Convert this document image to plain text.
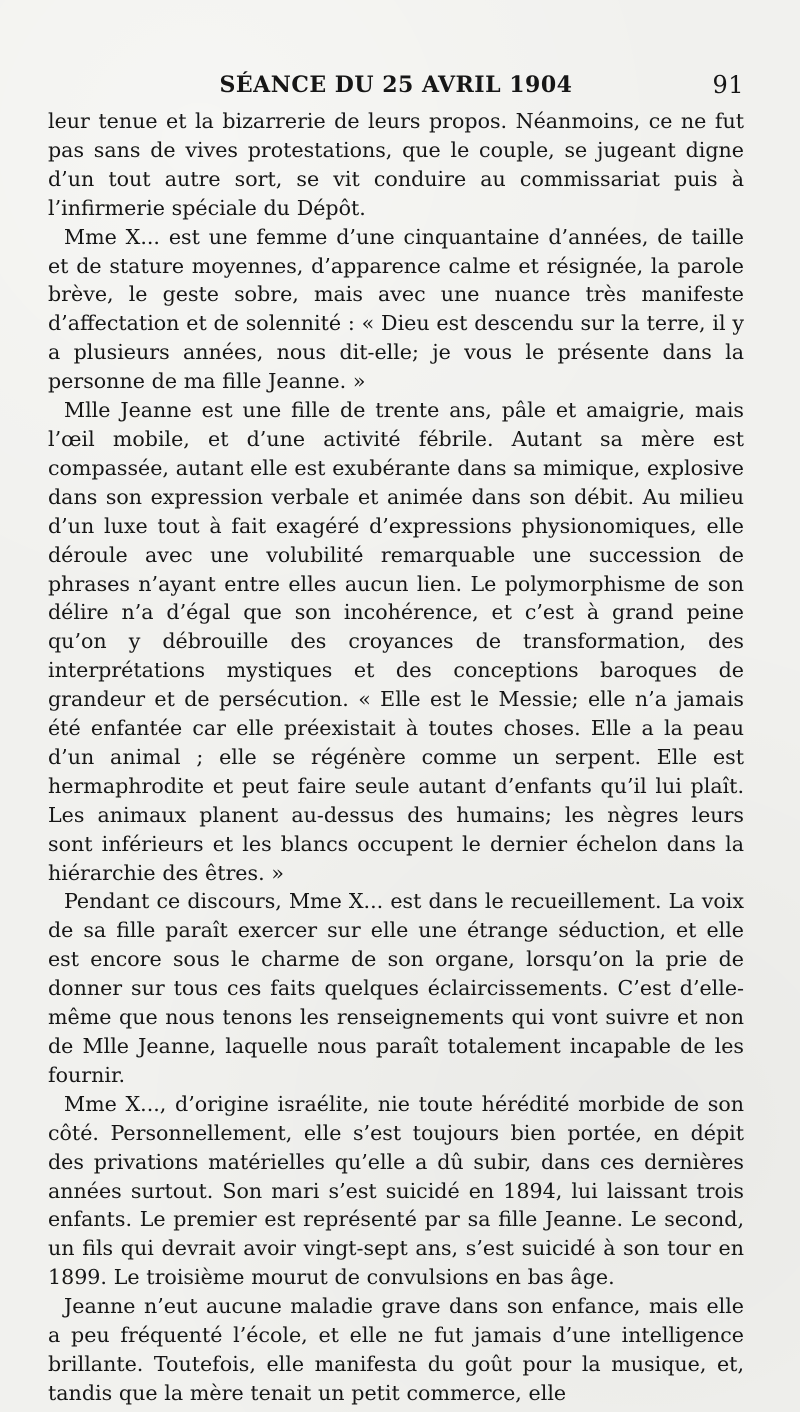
SÉANCE DU 25 AVRIL 1904	91

leur tenue et la bizarrerie de leurs propos. Néanmoins, ce ne fut pas sans de vives protestations, que le couple, se jugeant digne d’un tout autre sort, se vit conduire au commissariat puis à l’infirmerie spéciale du Dépôt.

Mme X... est une femme d’une cinquantaine d’années, de taille et de stature moyennes, d’apparence calme et résignée, la parole brève, le geste sobre, mais avec une nuance très manifeste d’affectation et de solennité : « Dieu est descendu sur la terre, il y a plusieurs années, nous dit-elle; je vous le présente dans la personne de ma fille Jeanne. »

Mlle Jeanne est une fille de trente ans, pâle et amaigrie, mais l’œil mobile, et d’une activité fébrile. Autant sa mère est compassée, autant elle est exubérante dans sa mimique, explosive dans son expression verbale et animée dans son débit. Au milieu d’un luxe tout à fait exagéré d’expressions physionomiques, elle déroule avec une volubilité remarquable une succession de phrases n’ayant entre elles aucun lien. Le polymorphisme de son délire n’a d’égal que son incohérence, et c’est à grand peine qu’on y débrouille des croyances de transformation, des interprétations mystiques et des conceptions baroques de grandeur et de persécution. « Elle est le Messie; elle n’a jamais été enfantée car elle préexistait à toutes choses. Elle a la peau d’un animal ; elle se régénère comme un serpent. Elle est hermaphrodite et peut faire seule autant d’enfants qu’il lui plaît. Les animaux planent au-dessus des humains; les nègres leurs sont inférieurs et les blancs occupent le dernier échelon dans la hiérarchie des êtres. »

Pendant ce discours, Mme X... est dans le recueillement. La voix de sa fille paraît exercer sur elle une étrange séduction, et elle est encore sous le charme de son organe, lorsqu’on la prie de donner sur tous ces faits quelques éclaircissements. C’est d’elle-même que nous tenons les renseignements qui vont suivre et non de Mlle Jeanne, laquelle nous paraît totalement incapable de les fournir.

Mme X..., d’origine israélite, nie toute hérédité morbide de son côté. Personnellement, elle s’est toujours bien portée, en dépit des privations matérielles qu’elle a dû subir, dans ces dernières années surtout. Son mari s’est suicidé en 1894, lui laissant trois enfants. Le premier est représenté par sa fille Jeanne. Le second, un fils qui devrait avoir vingt-sept ans, s’est suicidé à son tour en 1899. Le troisième mourut de convulsions en bas âge.

Jeanne n’eut aucune maladie grave dans son enfance, mais elle a peu fréquenté l’école, et elle ne fut jamais d’une intelligence brillante. Toutefois, elle manifesta du goût pour la musique, et, tandis que la mère tenait un petit commerce, elle
